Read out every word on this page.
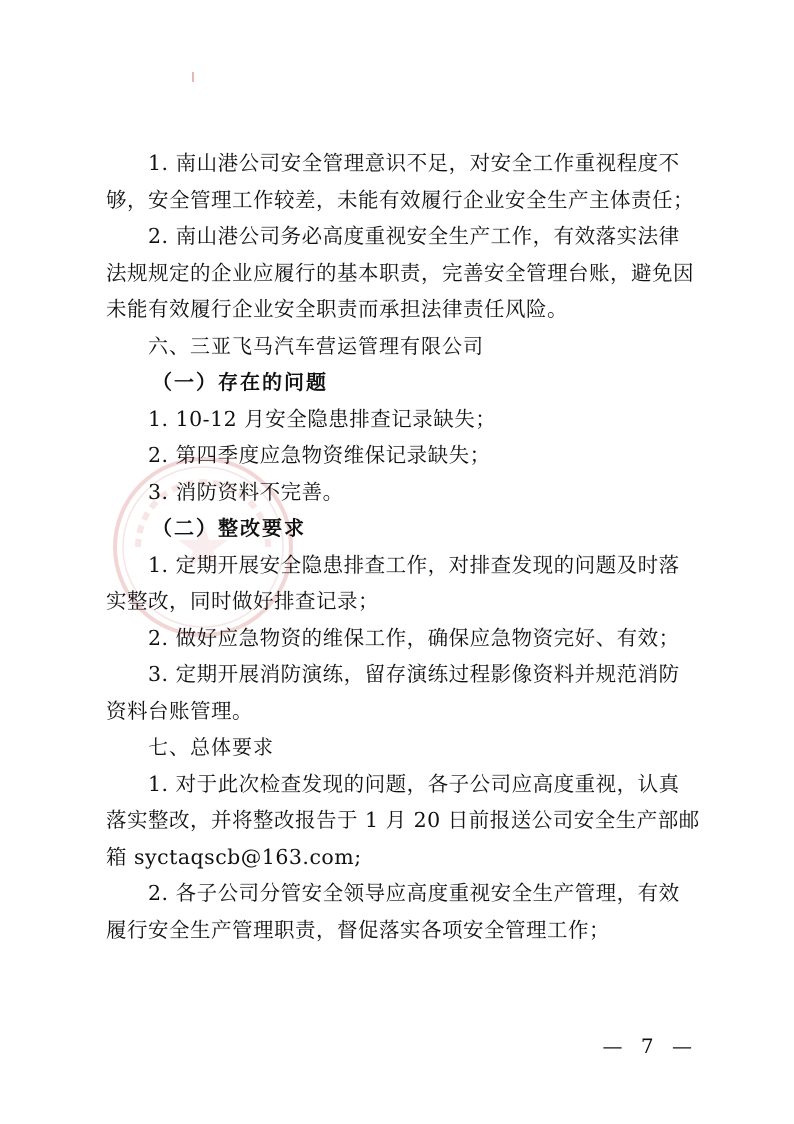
1. 南山港公司安全管理意识不足，对安全工作重视程度不
够，安全管理工作较差，未能有效履行企业安全生产主体责任；
2. 南山港公司务必高度重视安全生产工作，有效落实法律
法规规定的企业应履行的基本职责，完善安全管理台账，避免因
未能有效履行企业安全职责而承担法律责任风险。
六、三亚飞马汽车营运管理有限公司
（一）存在的问题
1. 10-12 月安全隐患排查记录缺失；
2. 第四季度应急物资维保记录缺失；
3. 消防资料不完善。
（二）整改要求
1. 定期开展安全隐患排查工作，对排查发现的问题及时落
实整改，同时做好排查记录；
2. 做好应急物资的维保工作，确保应急物资完好、有效；
3. 定期开展消防演练，留存演练过程影像资料并规范消防
资料台账管理。
七、总体要求
1. 对于此次检查发现的问题，各子公司应高度重视，认真
落实整改，并将整改报告于 1 月 20 日前报送公司安全生产部邮
箱 syctaqscb@163.com;
2. 各子公司分管安全领导应高度重视安全生产管理，有效
履行安全生产管理职责，督促落实各项安全管理工作；
— 7 —
